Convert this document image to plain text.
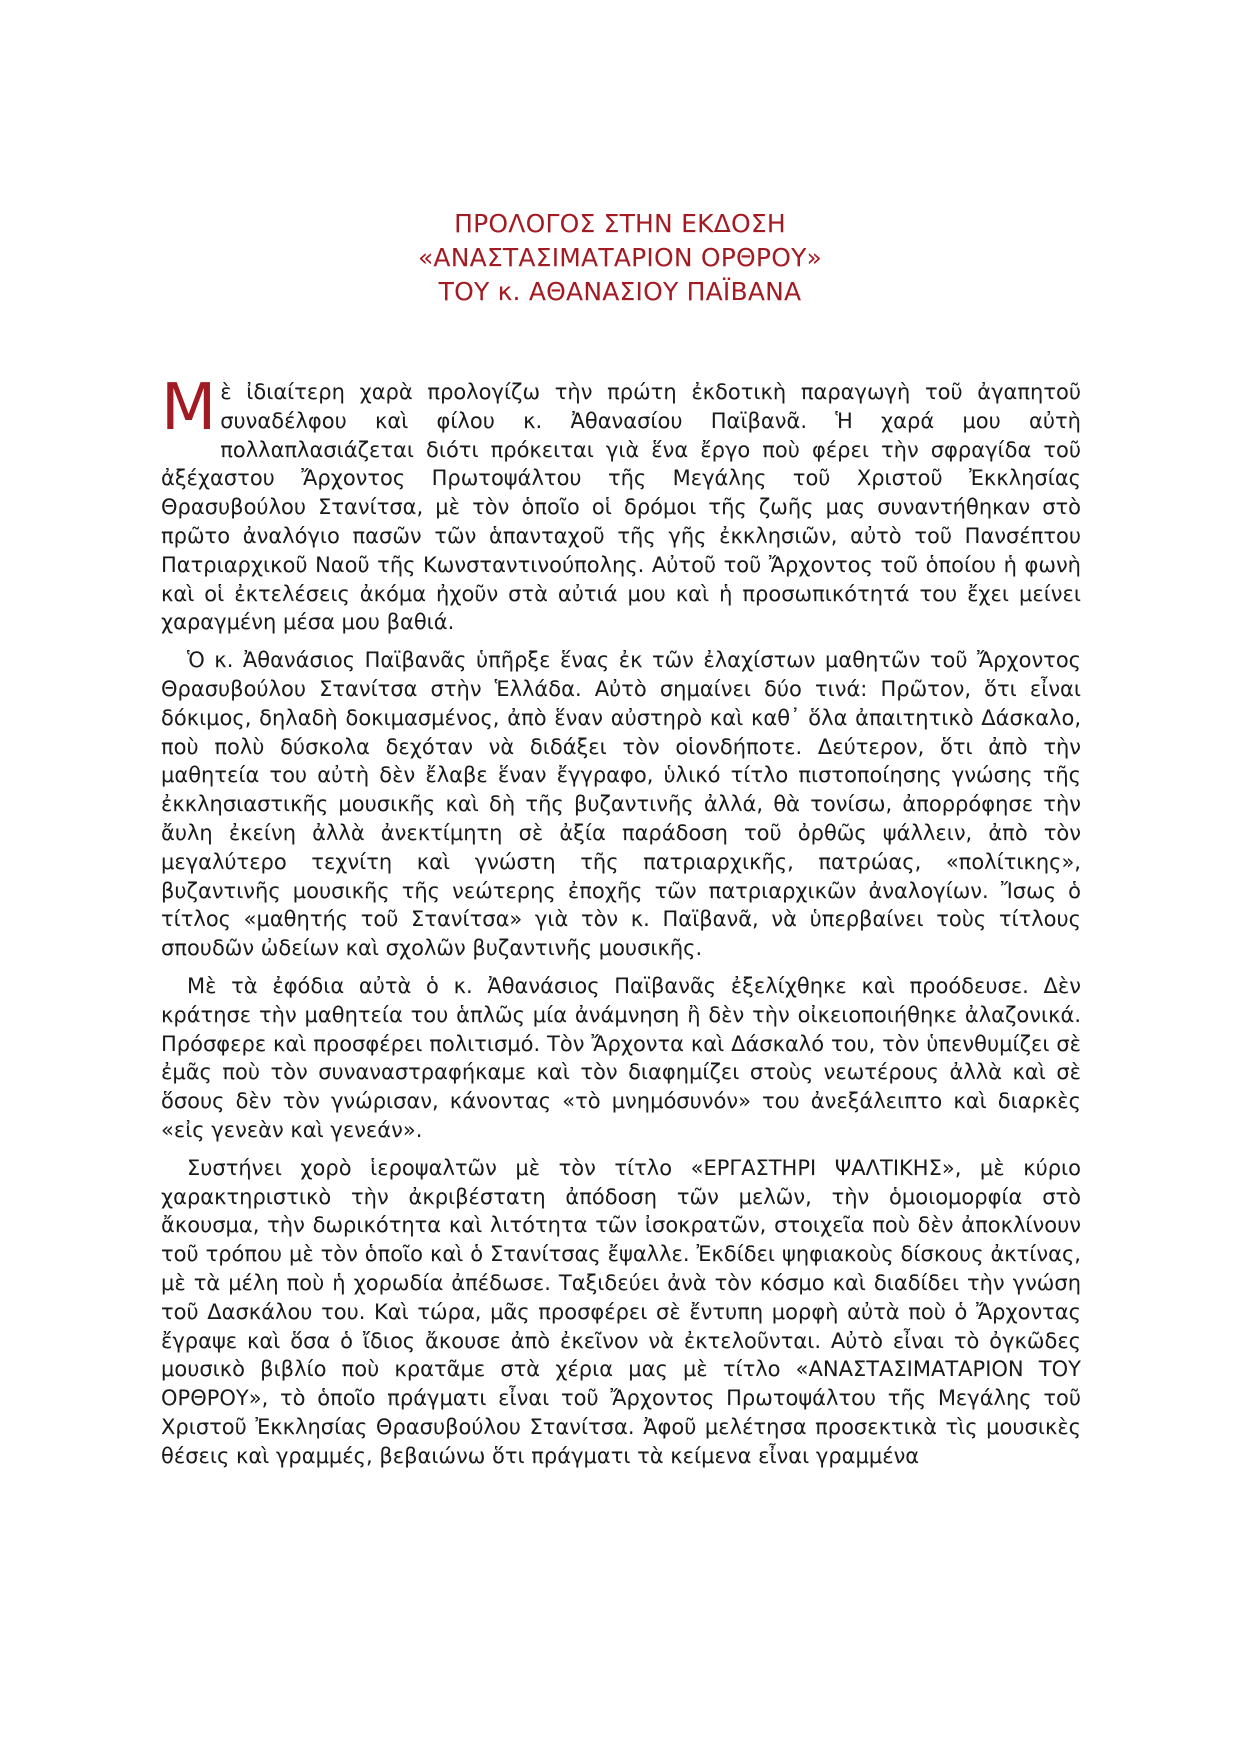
ΠΡΟΛΟΓΟΣ ΣΤΗΝ ΕΚΔΟΣΗ
«ΑΝΑΣΤΑΣΙΜΑΤΑΡΙΟΝ ΟΡΘΡΟΥ»
ΤΟΥ κ. ΑΘΑΝΑΣΙΟΥ ΠΑΪΒΑΝΑ

Μὲ ἰδιαίτερη χαρὰ προλογίζω τὴν πρώτη ἐκδοτικὴ παραγωγὴ τοῦ ἀγαπητοῦ συναδέλφου καὶ φίλου κ. Ἀθανασίου Παϊβανᾶ. Ἡ χαρά μου αὐτὴ πολλαπλασιάζεται διότι πρόκειται γιὰ ἕνα ἔργο ποὺ φέρει τὴν σφραγίδα τοῦ ἀξέχαστου Ἄρχοντος Πρωτοψάλτου τῆς Μεγάλης τοῦ Χριστοῦ Ἐκκλησίας Θρασυβούλου Στανίτσα, μὲ τὸν ὁποῖο οἱ δρόμοι τῆς ζωῆς μας συναντήθηκαν στὸ πρῶτο ἀναλόγιο πασῶν τῶν ἁπανταχοῦ τῆς γῆς ἐκκλησιῶν, αὐτὸ τοῦ Πανσέπτου Πατριαρχικοῦ Ναοῦ τῆς Κωνσταντινούπολης. Αὐτοῦ τοῦ Ἄρχοντος τοῦ ὁποίου ἡ φωνὴ καὶ οἱ ἐκτελέσεις ἀκόμα ἠχοῦν στὰ αὐτιά μου καὶ ἡ προσωπικότητά του ἔχει μείνει χαραγμένη μέσα μου βαθιά.

Ὁ κ. Ἀθανάσιος Παϊβανᾶς ὑπῆρξε ἕνας ἐκ τῶν ἐλαχίστων μαθητῶν τοῦ Ἄρχοντος Θρασυβούλου Στανίτσα στὴν Ἑλλάδα. Αὐτὸ σημαίνει δύο τινά: Πρῶτον, ὅτι εἶναι δόκιμος, δηλαδὴ δοκιμασμένος, ἀπὸ ἕναν αὐστηρὸ καὶ καθ᾽ ὅλα ἀπαιτητικὸ Δάσκαλο, ποὺ πολὺ δύσκολα δεχόταν νὰ διδάξει τὸν οἱονδήποτε. Δεύτερον, ὅτι ἀπὸ τὴν μαθητεία του αὐτὴ δὲν ἔλαβε ἕναν ἔγγραφο, ὑλικό τίτλο πιστοποίησης γνώσης τῆς ἐκκλησιαστικῆς μουσικῆς καὶ δὴ τῆς βυζαντινῆς ἀλλά, θὰ τονίσω, ἀπορρόφησε τὴν ἄυλη ἐκείνη ἀλλὰ ἀνεκτίμητη σὲ ἀξία παράδοση τοῦ ὀρθῶς ψάλλειν, ἀπὸ τὸν μεγαλύτερο τεχνίτη καὶ γνώστη τῆς πατριαρχικῆς, πατρώας, «πολίτικης», βυζαντινῆς μουσικῆς τῆς νεώτερης ἐποχῆς τῶν πατριαρχικῶν ἀναλογίων. Ἴσως ὁ τίτλος «μαθητής τοῦ Στανίτσα» γιὰ τὸν κ. Παϊβανᾶ, νὰ ὑπερβαίνει τοὺς τίτλους σπουδῶν ὠδείων καὶ σχολῶν βυζαντινῆς μουσικῆς.

Μὲ τὰ ἐφόδια αὐτὰ ὁ κ. Ἀθανάσιος Παϊβανᾶς ἐξελίχθηκε καὶ προόδευσε. Δὲν κράτησε τὴν μαθητεία του ἁπλῶς μία ἀνάμνηση ἢ δὲν τὴν οἰκειοποιήθηκε ἀλαζονικά. Πρόσφερε καὶ προσφέρει πολιτισμό. Τὸν Ἄρχοντα καὶ Δάσκαλό του, τὸν ὑπενθυμίζει σὲ ἐμᾶς ποὺ τὸν συναναστραφήκαμε καὶ τὸν διαφημίζει στοὺς νεωτέρους ἀλλὰ καὶ σὲ ὅσους δὲν τὸν γνώρισαν, κάνοντας «τὸ μνημόσυνόν» του ἀνεξάλειπτο καὶ διαρκὲς «εἰς γενεὰν καὶ γενεάν».

Συστήνει χορὸ ἱεροψαλτῶν μὲ τὸν τίτλο «ΕΡΓΑΣΤΗΡΙ ΨΑΛΤΙΚΗΣ», μὲ κύριο χαρακτηριστικὸ τὴν ἀκριβέστατη ἀπόδοση τῶν μελῶν, τὴν ὁμοιομορφία στὸ ἄκουσμα, τὴν δωρικότητα καὶ λιτότητα τῶν ἰσοκρατῶν, στοιχεῖα ποὺ δὲν ἀποκλίνουν τοῦ τρόπου μὲ τὸν ὁποῖο καὶ ὁ Στανίτσας ἔψαλλε. Ἐκδίδει ψηφιακοὺς δίσκους ἀκτίνας, μὲ τὰ μέλη ποὺ ἡ χορωδία ἀπέδωσε. Ταξιδεύει ἀνὰ τὸν κόσμο καὶ διαδίδει τὴν γνώση τοῦ Δασκάλου του. Καὶ τώρα, μᾶς προσφέρει σὲ ἔντυπη μορφὴ αὐτὰ ποὺ ὁ Ἄρχοντας ἔγραψε καὶ ὅσα ὁ ἴδιος ἄκουσε ἀπὸ ἐκεῖνον νὰ ἐκτελοῦνται. Αὐτὸ εἶναι τὸ ὀγκῶδες μουσικὸ βιβλίο ποὺ κρατᾶμε στὰ χέρια μας μὲ τίτλο «ΑΝΑΣΤΑΣΙΜΑΤΑΡΙΟΝ ΤΟΥ ΟΡΘΡΟΥ», τὸ ὁποῖο πράγματι εἶναι τοῦ Ἄρχοντος Πρωτοψάλτου τῆς Μεγάλης τοῦ Χριστοῦ Ἐκκλησίας Θρασυβούλου Στανίτσα. Ἀφοῦ μελέτησα προσεκτικὰ τὶς μουσικὲς θέσεις καὶ γραμμές, βεβαιώνω ὅτι πράγματι τὰ κείμενα εἶναι γραμμένα
